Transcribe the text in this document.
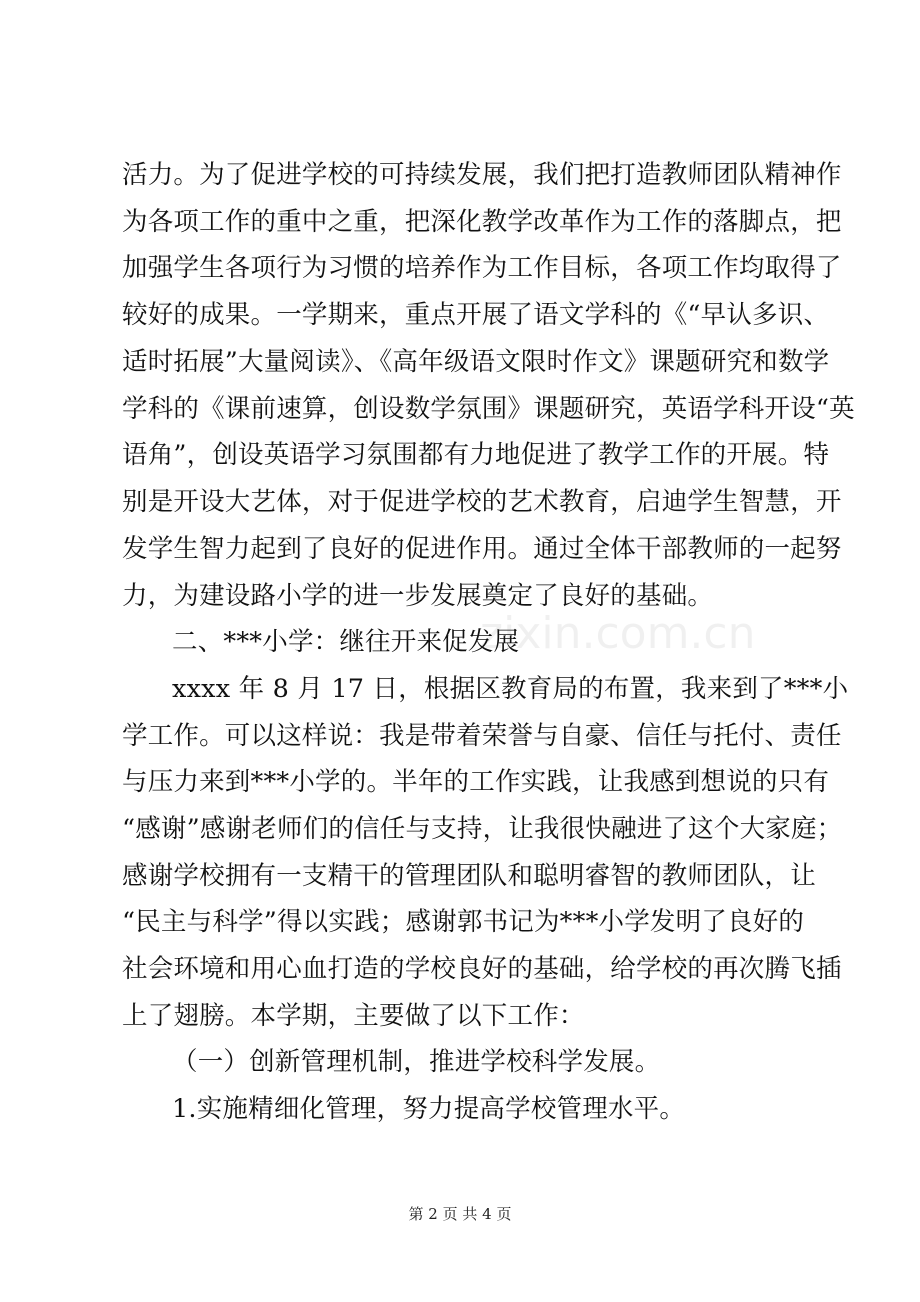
活力。为了促进学校的可持续发展，我们把打造教师团队精神作
为各项工作的重中之重，把深化教学改革作为工作的落脚点，把
加强学生各项行为习惯的培养作为工作目标，各项工作均取得了
较好的成果。一学期来，重点开展了语文学科的《“早认多识、
适时拓展”大量阅读》、《高年级语文限时作文》课题研究和数学
学科的《课前速算，创设数学氛围》课题研究，英语学科开设“英
语角”，创设英语学习氛围都有力地促进了教学工作的开展。特
别是开设大艺体，对于促进学校的艺术教育，启迪学生智慧，开
发学生智力起到了良好的促进作用。通过全体干部教师的一起努
力，为建设路小学的进一步发展奠定了良好的基础。
二、***小学：继往开来促发展
xxxx 年 8 月 17 日，根据区教育局的布置，我来到了***小
学工作。可以这样说：我是带着荣誉与自豪、信任与托付、责任
与压力来到***小学的。半年的工作实践，让我感到想说的只有
“感谢”感谢老师们的信任与支持，让我很快融进了这个大家庭；
感谢学校拥有一支精干的管理团队和聪明睿智的教师团队，让
“民主与科学”得以实践；感谢郭书记为***小学发明了良好的
社会环境和用心血打造的学校良好的基础，给学校的再次腾飞插
上了翅膀。本学期，主要做了以下工作：
（一）创新管理机制，推进学校科学发展。
1.实施精细化管理，努力提高学校管理水平。
zixin.com.cn
第 2 页 共 4 页
